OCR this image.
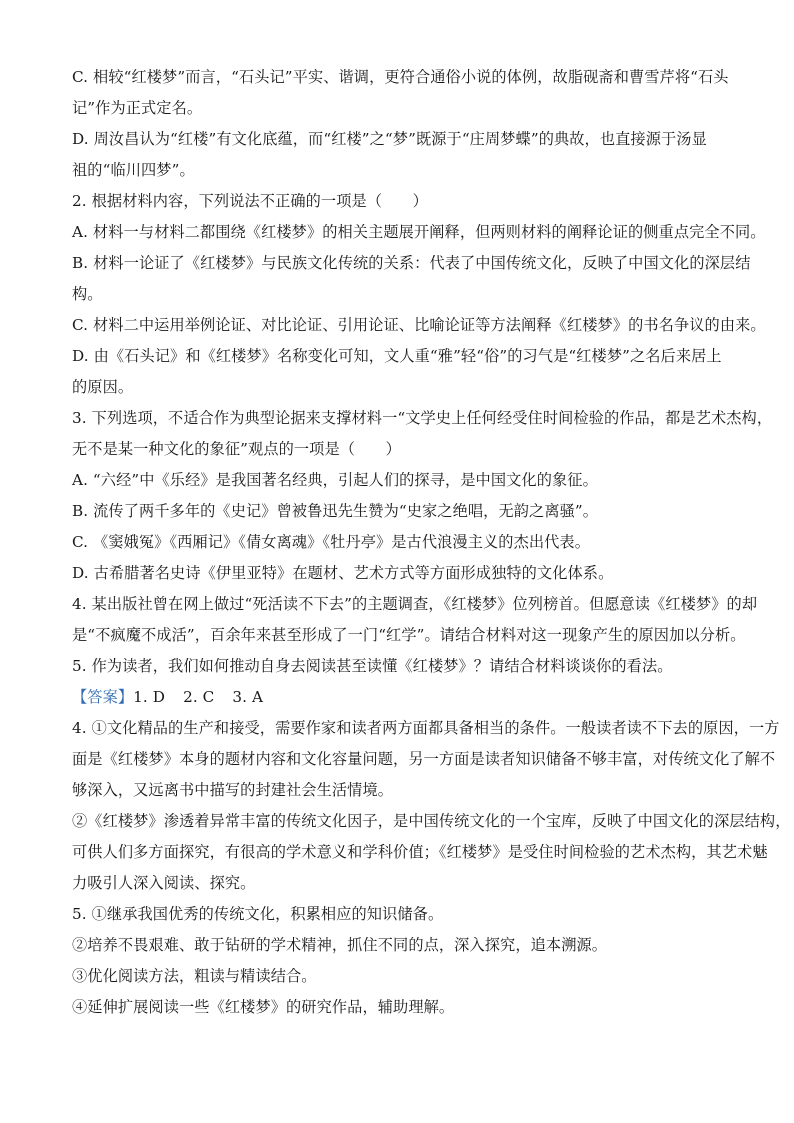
C. 相较“红楼梦”而言，“石头记”平实、谐调，更符合通俗小说的体例，故脂砚斋和曹雪芹将“石头

记”作为正式定名。

D. 周汝昌认为“红楼”有文化底蕴，而“红楼”之“梦”既源于“庄周梦蝶”的典故，也直接源于汤显

祖的“临川四梦”。

2. 根据材料内容，下列说法不正确的一项是（　　）

A. 材料一与材料二都围绕《红楼梦》的相关主题展开阐释，但两则材料的阐释论证的侧重点完全不同。

B. 材料一论证了《红楼梦》与民族文化传统的关系：代表了中国传统文化，反映了中国文化的深层结

构。

C. 材料二中运用举例论证、对比论证、引用论证、比喻论证等方法阐释《红楼梦》的书名争议的由来。

D. 由《石头记》和《红楼梦》名称变化可知，文人重“雅”轻“俗”的习气是“红楼梦”之名后来居上

的原因。

3. 下列选项，不适合作为典型论据来支撑材料一“文学史上任何经受住时间检验的作品，都是艺术杰构，

无不是某一种文化的象征”观点的一项是（　　）

A. “六经”中《乐经》是我国著名经典，引起人们的探寻，是中国文化的象征。

B. 流传了两千多年的《史记》曾被鲁迅先生赞为“史家之绝唱，无韵之离骚”。

C. 《窦娥冤》《西厢记》《倩女离魂》《牡丹亭》是古代浪漫主义的杰出代表。

D. 古希腊著名史诗《伊里亚特》在题材、艺术方式等方面形成独特的文化体系。

4. 某出版社曾在网上做过“死活读不下去”的主题调查，《红楼梦》位列榜首。但愿意读《红楼梦》的却

是“不疯魔不成活”，百余年来甚至形成了一门“红学”。请结合材料对这一现象产生的原因加以分析。

5. 作为读者，我们如何推动自身去阅读甚至读懂《红楼梦》？请结合材料谈谈你的看法。

【答案】1. D 2. C 3. A

4. ①文化精品的生产和接受，需要作家和读者两方面都具备相当的条件。一般读者读不下去的原因，一方

面是《红楼梦》本身的题材内容和文化容量问题，另一方面是读者知识储备不够丰富，对传统文化了解不

够深入，又远离书中描写的封建社会生活情境。

②《红楼梦》渗透着异常丰富的传统文化因子，是中国传统文化的一个宝库，反映了中国文化的深层结构，

可供人们多方面探究，有很高的学术意义和学科价值；《红楼梦》是受住时间检验的艺术杰构，其艺术魅

力吸引人深入阅读、探究。

5. ①继承我国优秀的传统文化，积累相应的知识储备。

②培养不畏艰难、敢于钻研的学术精神，抓住不同的点，深入探究，追本溯源。

③优化阅读方法，粗读与精读结合。

④延伸扩展阅读一些《红楼梦》的研究作品，辅助理解。
